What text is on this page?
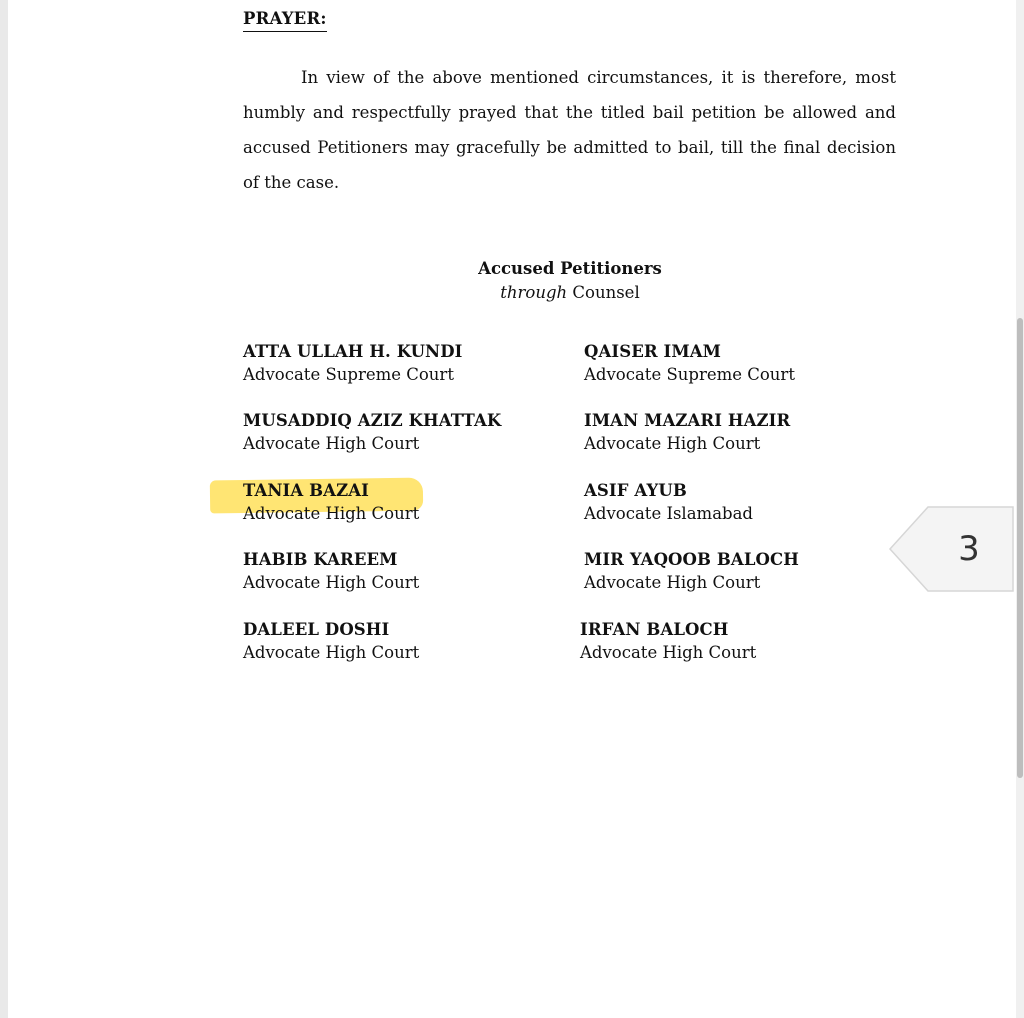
PRAYER:

In view of the above mentioned circumstances, it is therefore, most humbly and respectfully prayed that the titled bail petition be allowed and accused Petitioners may gracefully be admitted to bail, till the final decision of the case.

Accused Petitioners
through Counsel
ATTA ULLAH H. KUNDI
Advocate Supreme Court
MUSADDIQ AZIZ KHATTAK
Advocate High Court
TANIA BAZAI
Advocate High Court
HABIB KAREEM
Advocate High Court
DALEEL DOSHI
Advocate High Court
QAISER IMAM
Advocate Supreme Court
IMAN MAZARI HAZIR
Advocate High Court
ASIF AYUB
Advocate Islamabad
MIR YAQOOB BALOCH
Advocate High Court
IRFAN BALOCH
Advocate High Court
3
